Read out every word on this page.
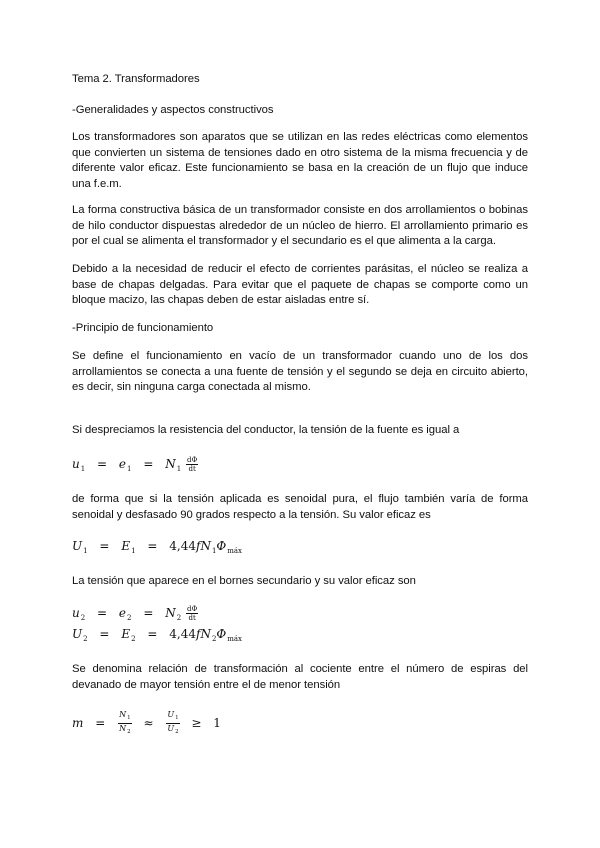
Tema 2. Transformadores
-Generalidades y aspectos constructivos
Los transformadores son aparatos que se utilizan en las redes eléctricas como elementos que convierten un sistema de tensiones dado en otro sistema de la misma frecuencia y de diferente valor eficaz. Este funcionamiento se basa en la creación de un flujo que induce una f.e.m.
La forma constructiva básica de un transformador consiste en dos arrollamientos o bobinas de hilo conductor dispuestas alrededor de un núcleo de hierro. El arrollamiento primario es por el cual se alimenta el transformador y el secundario es el que alimenta a la carga.
Debido a la necesidad de reducir el efecto de corrientes parásitas, el núcleo se realiza a base de chapas delgadas. Para evitar que el paquete de chapas se comporte como un bloque macizo, las chapas deben de estar aisladas entre sí.
-Principio de funcionamiento
Se define el funcionamiento en vacío de un transformador cuando uno de los dos arrollamientos se conecta a una fuente de tensión y el segundo se deja en circuito abierto, es decir, sin ninguna carga conectada al mismo.
Si despreciamos la resistencia del conductor, la tensión de la fuente es igual a
$u_1 = e_1 = N_1 \frac{d\Phi}{dt}$
de forma que si la tensión aplicada es senoidal pura, el flujo también varía de forma senoidal y desfasado 90 grados respecto a la tensión. Su valor eficaz es
$U_1 = E_1 = 4,44fN_1\Phi_{máx}$
La tensión que aparece en el bornes secundario y su valor eficaz son
$u_2 = e_2 = N_2 \frac{d\Phi}{dt}$
$U_2 = E_2 = 4,44fN_2\Phi_{máx}$
Se denomina relación de transformación al cociente entre el número de espiras del devanado de mayor tensión entre el de menor tensión
$m = \frac{N_1}{N_2} \approx \frac{U_1}{U_2} \ge 1$
